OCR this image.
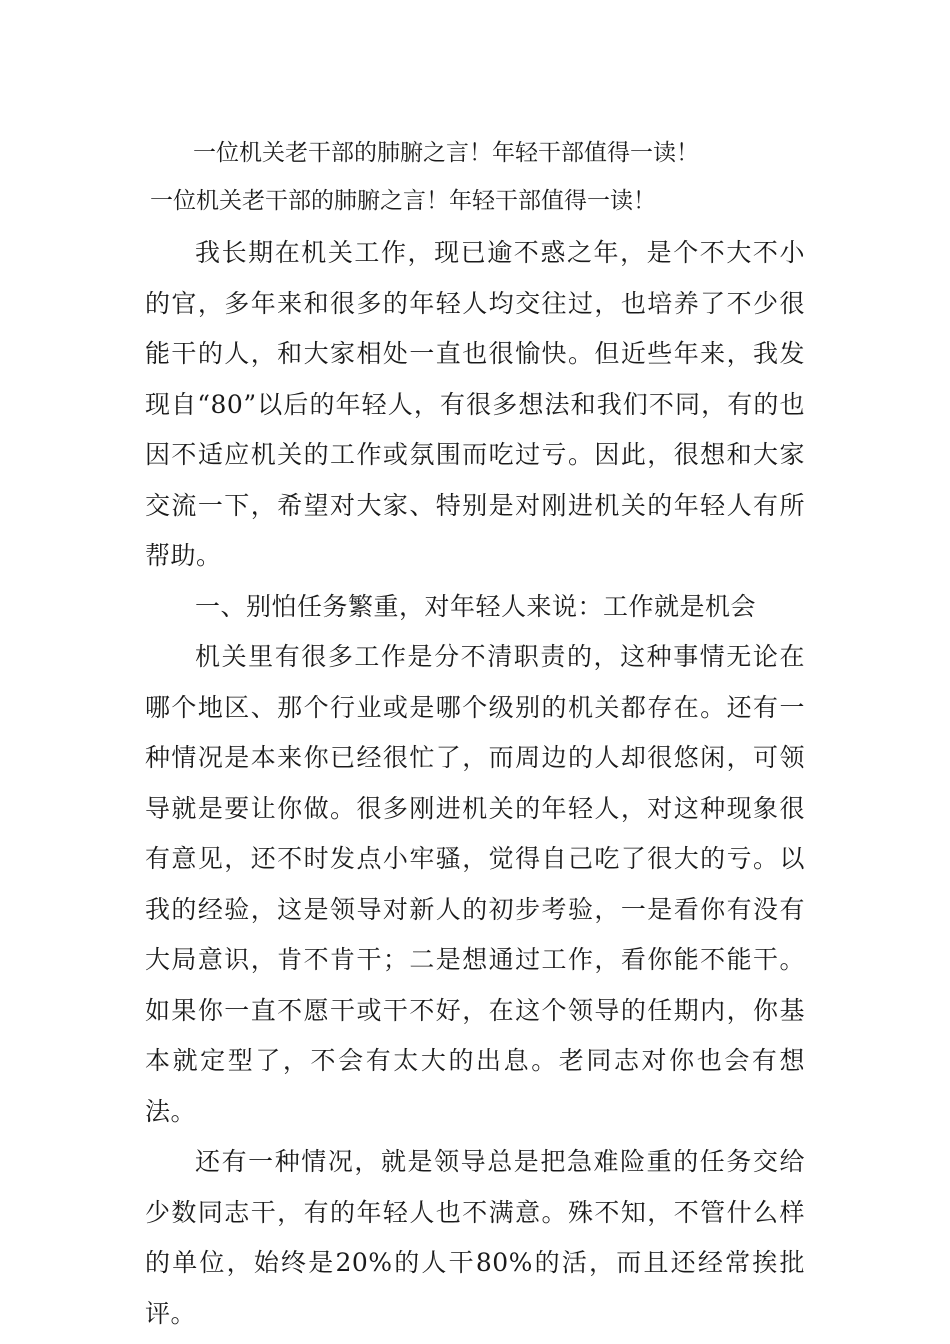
一位机关老干部的肺腑之言！年轻干部值得一读！
一位机关老干部的肺腑之言！年轻干部值得一读！

我长期在机关工作，现已逾不惑之年，是个不大不小的官，多年来和很多的年轻人均交往过，也培养了不少很能干的人，和大家相处一直也很愉快。但近些年来，我发现自“80”以后的年轻人，有很多想法和我们不同，有的也因不适应机关的工作或氛围而吃过亏。因此，很想和大家交流一下，希望对大家、特别是对刚进机关的年轻人有所帮助。

一、别怕任务繁重，对年轻人来说：工作就是机会

机关里有很多工作是分不清职责的，这种事情无论在哪个地区、那个行业或是哪个级别的机关都存在。还有一种情况是本来你已经很忙了，而周边的人却很悠闲，可领导就是要让你做。很多刚进机关的年轻人，对这种现象很有意见，还不时发点小牢骚，觉得自己吃了很大的亏。以我的经验，这是领导对新人的初步考验，一是看你有没有大局意识，肯不肯干；二是想通过工作，看你能不能干。如果你一直不愿干或干不好，在这个领导的任期内，你基本就定型了，不会有太大的出息。老同志对你也会有想法。

还有一种情况，就是领导总是把急难险重的任务交给少数同志干，有的年轻人也不满意。殊不知，不管什么样的单位，始终是20%的人干80%的活，而且还经常挨批评。
